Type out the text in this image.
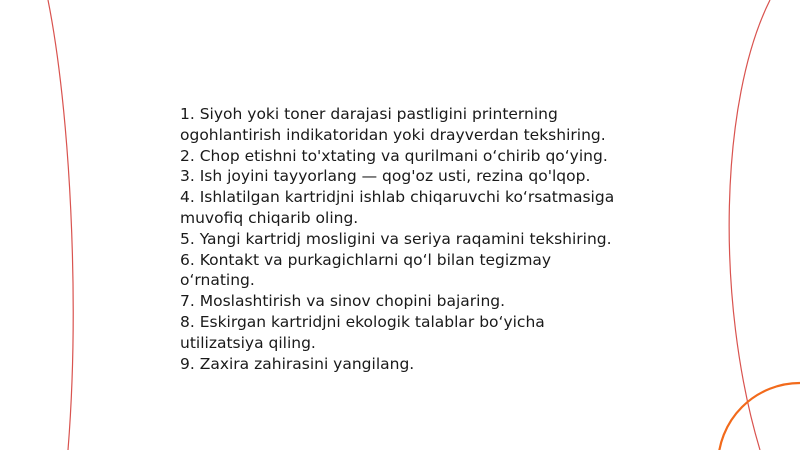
1. Siyoh yoki toner darajasi pastligini printerning ogohlantirish indikatoridan yoki drayverdan tekshiring.
2. Chop etishni to'xtating va qurilmani o‘chirib qo‘ying.
3. Ish joyini tayyorlang — qog'oz usti, rezina qo'lqop.
4. Ishlatilgan kartridjni ishlab chiqaruvchi ko‘rsatmasiga muvofiq chiqarib oling.
5. Yangi kartridj mosligini va seriya raqamini tekshiring.
6. Kontakt va purkagichlarni qo‘l bilan tegizmay o‘rnating.
7. Moslashtirish va sinov chopini bajaring.
8. Eskirgan kartridjni ekologik talablar bo‘yicha utilizatsiya qiling.
9. Zaxira zahirasini yangilang.
